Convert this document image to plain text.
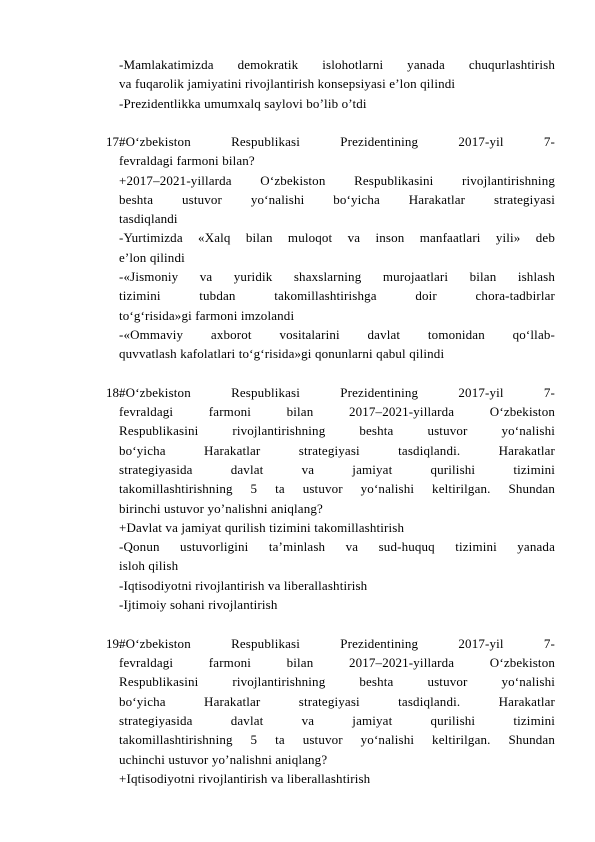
-Mamlakatimizda demokratik islohotlarni yanada chuqurlashtirish
va fuqarolik jamiyatini rivojlantirish konsepsiyasi e’lon qilindi
-Prezidentlikka umumxalq saylovi bo’lib o’tdi
17.
#O‘zbekiston Respublikasi Prezidentining 2017-yil 7-
fevraldagi farmoni bilan?
+2017–2021-yillarda O‘zbekiston Respublikasini rivojlantirishning
beshta ustuvor yo‘nalishi bo‘yicha Harakatlar strategiyasi
tasdiqlandi
-Yurtimizda «Xalq bilan muloqot va inson manfaatlari yili» deb
e’lon qilindi
-«Jismoniy va yuridik shaxslarning murojaatlari bilan ishlash
tizimini tubdan takomillashtirishga doir chora-tadbirlar
to‘g‘risida»gi farmoni imzolandi
-«Ommaviy axborot vositalarini davlat tomonidan qo‘llab-
quvvatlash kafolatlari to‘g‘risida»gi qonunlarni qabul qilindi
18.
#O‘zbekiston Respublikasi Prezidentining 2017-yil 7-
fevraldagi farmoni bilan 2017–2021-yillarda O‘zbekiston
Respublikasini rivojlantirishning beshta ustuvor yo‘nalishi
bo‘yicha Harakatlar strategiyasi tasdiqlandi. Harakatlar
strategiyasida davlat va jamiyat qurilishi tizimini
takomillashtirishning 5 ta ustuvor yo‘nalishi keltirilgan. Shundan
birinchi ustuvor yo’nalishni aniqlang?
+Davlat va jamiyat qurilish tizimini takomillashtirish
-Qonun ustuvorligini ta’minlash va sud-huquq tizimini yanada
isloh qilish
-Iqtisodiyotni rivojlantirish va liberallashtirish
-Ijtimoiy sohani rivojlantirish
19.
#O‘zbekiston Respublikasi Prezidentining 2017-yil 7-
fevraldagi farmoni bilan 2017–2021-yillarda O‘zbekiston
Respublikasini rivojlantirishning beshta ustuvor yo‘nalishi
bo‘yicha Harakatlar strategiyasi tasdiqlandi. Harakatlar
strategiyasida davlat va jamiyat qurilishi tizimini
takomillashtirishning 5 ta ustuvor yo‘nalishi keltirilgan. Shundan
uchinchi ustuvor yo’nalishni aniqlang?
+Iqtisodiyotni rivojlantirish va liberallashtirish
